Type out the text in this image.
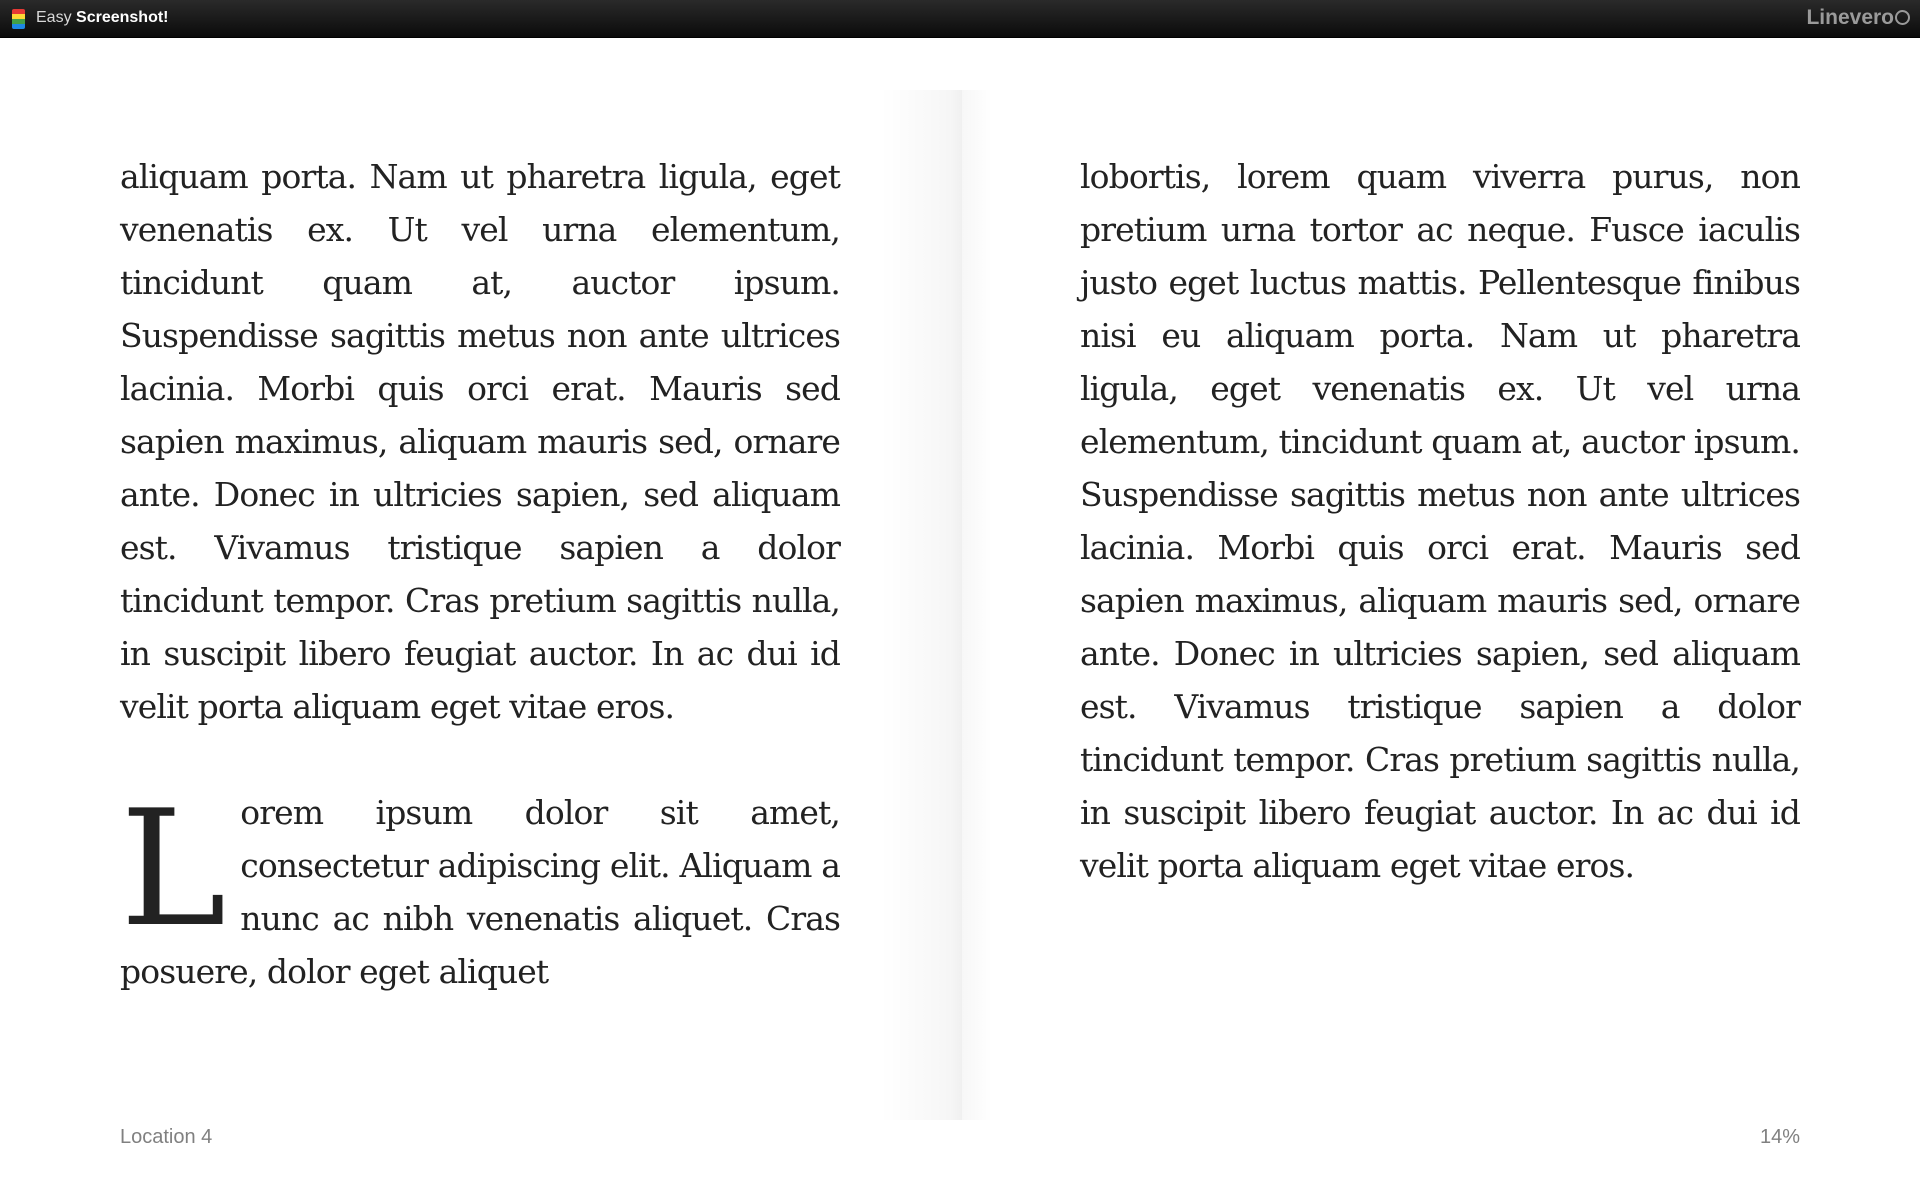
Easy Screenshot!	Linevero

aliquam porta. Nam ut pharetra ligula, eget venenatis ex. Ut vel urna elementum, tincidunt quam at, auctor ipsum. Suspendisse sagittis metus non ante ultrices lacinia. Morbi quis orci erat. Mauris sed sapien maximus, aliquam mauris sed, ornare ante. Donec in ultricies sapien, sed aliquam est. Vivamus tristique sapien a dolor tincidunt tempor. Cras pretium sagittis nulla, in suscipit libero feugiat auctor. In ac dui id velit porta aliquam eget vitae eros.

Lorem ipsum dolor sit amet, consectetur adipiscing elit. Aliquam a nunc ac nibh venenatis aliquet. Cras posuere, dolor eget aliquet

lobortis, lorem quam viverra purus, non pretium urna tortor ac neque. Fusce iaculis justo eget luctus mattis. Pellentesque finibus nisi eu aliquam porta. Nam ut pharetra ligula, eget venenatis ex. Ut vel urna elementum, tincidunt quam at, auctor ipsum. Suspendisse sagittis metus non ante ultrices lacinia. Morbi quis orci erat. Mauris sed sapien maximus, aliquam mauris sed, ornare ante. Donec in ultricies sapien, sed aliquam est. Vivamus tristique sapien a dolor tincidunt tempor. Cras pretium sagittis nulla, in suscipit libero feugiat auctor. In ac dui id velit porta aliquam eget vitae eros.

Location 4	14%
